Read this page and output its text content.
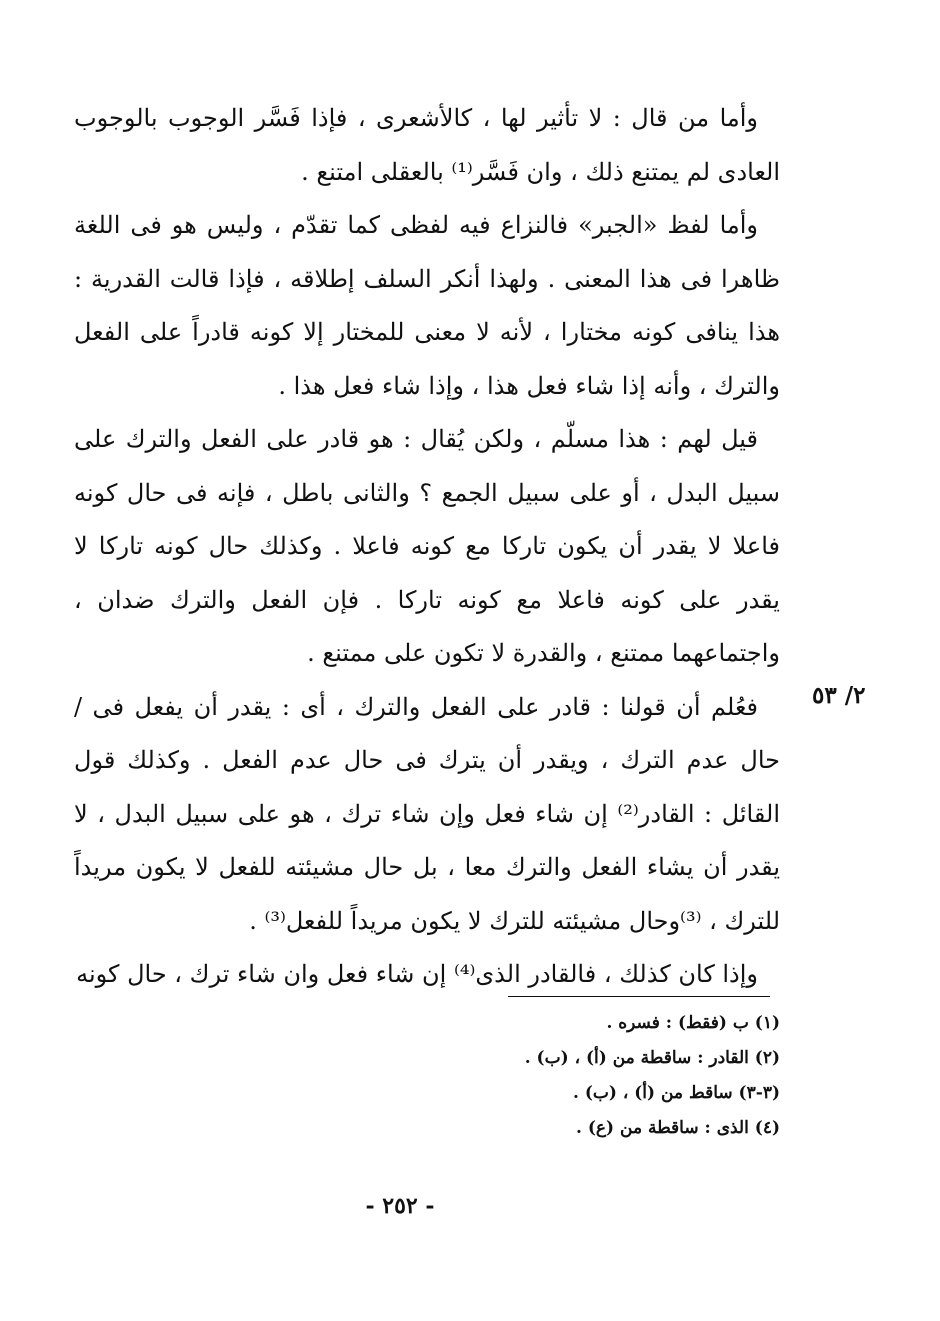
٢/ ٥٣

وأما من قال : لا تأثير لها ، كالأشعرى ، فإذا فَسَّر الوجوب بالوجوب العادى لم يمتنع ذلك ، وان فَسَّر⁽¹⁾ بالعقلى امتنع .

وأما لفظ «الجبر» فالنزاع فيه لفظى كما تقدّم ، وليس هو فى اللغة ظاهرا فى هذا المعنى . ولهذا أنكر السلف إطلاقه ، فإذا قالت القدرية : هذا ينافى كونه مختارا ، لأنه لا معنى للمختار إلا كونه قادراً على الفعل والترك ، وأنه إذا شاء فعل هذا ، وإذا شاء فعل هذا .

قيل لهم : هذا مسلّم ، ولكن يُقال : هو قادر على الفعل والترك على سبيل البدل ، أو على سبيل الجمع ؟ والثانى باطل ، فإنه فى حال كونه فاعلا لا يقدر أن يكون تاركا مع كونه فاعلا . وكذلك حال كونه تاركا لا يقدر على كونه فاعلا مع كونه تاركا . فإن الفعل والترك ضدان ، واجتماعهما ممتنع ، والقدرة لا تكون على ممتنع .

فعُلم أن قولنا : قادر على الفعل والترك ، أى : يقدر أن يفعل فى / حال عدم الترك ، ويقدر أن يترك فى حال عدم الفعل . وكذلك قول القائل : القادر⁽²⁾ إن شاء فعل وإن شاء ترك ، هو على سبيل البدل ، لا يقدر أن يشاء الفعل والترك معا ، بل حال مشيئته للفعل لا يكون مريداً للترك ، ⁽³⁾وحال مشيئته للترك لا يكون مريداً للفعل⁽³⁾ .

وإذا كان كذلك ، فالقادر الذى⁽⁴⁾ إن شاء فعل وان شاء ترك ، حال كونه

(١) ب (فقط) : فسره .

(٢) القادر : ساقطة من (أ) ، (ب) .

(٣-٣) ساقط من (أ) ، (ب) .

(٤) الذى : ساقطة من (ع) .

- ٢٥٢ -
